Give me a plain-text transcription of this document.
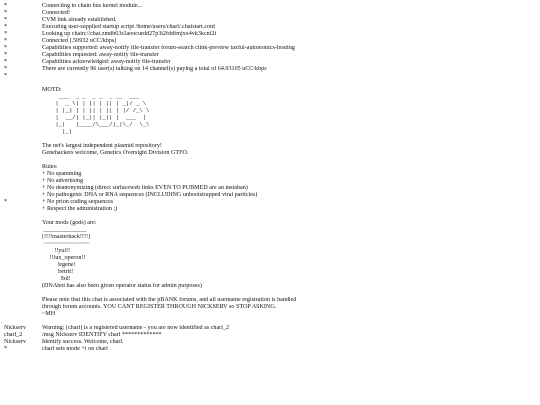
*	Connecting to chain bus kernel module...
*	Connected!
*	CVM link already established.
*	Executing user-supplied startup script /home/users/charl/.chatstart.conf
*	Looking up chain://chat.zmdb63r2aoocurdd27p3i2fddfmjxx4vk3kcni2i
*	Connected [.50932 uCC/kbps]
*	Capabilities supported: away-notify file-transfer forum-search clink-preview taxful-autonomics-hosting
*	Capabilities requested: away-notify file-transfer
*	Capabilities acknowledged: away-notify file-transfer
*	There are currently 96 user(s) talking on 14 channel(s) paying a total of 64.93105 uCC/kbps
*
MOTD:
___  _ _  _ _  _ __  ___
|  _ \| | || | || | _|/ _ \
| |_) | | || | || | |/ /_\ \
|  __/| |_|| |_|| |  ___  |
|_|   |____/\___/|_|\_/  \_\
|_|
The net's largest independent plasmid repository!
Genehackers welcome, Genetics Oversight Division GTFO.
Rules:
+ No spamming
+ No advertising
+ No deanonymizing (direct surfaceweb links EVEN TO PUBMED are an instaban)
+ No pathogenic DNA or RNA sequences (INCLUDING unbootstrapped viral particles)
*	+ No prion coding sequences
+ Respect the administration ;)
Your mods (gods) are:
______________
[!!!!masterhack!!!!]
~~~~~~~~~~~~~~
!!yui!!
!!lux_operon!!
!egene!
!retrit!
!bil!
(DNAbot has also been given operator status for admin purposes)
Please note that this chat is associated with the pBANK forums, and all username registration is handled
through forum accounts. YOU CANT REGISTER THROUGH NICKSERV so STOP ASKING.
~MH
Nickserv	Warning: [charl] is a registered username - you are now identified as charl_2
charl_2	/msg Nickserv IDENTIFY charl *************
Nickserv	Identify success. Welcome, charl.
*	charl sets mode +i on charl
